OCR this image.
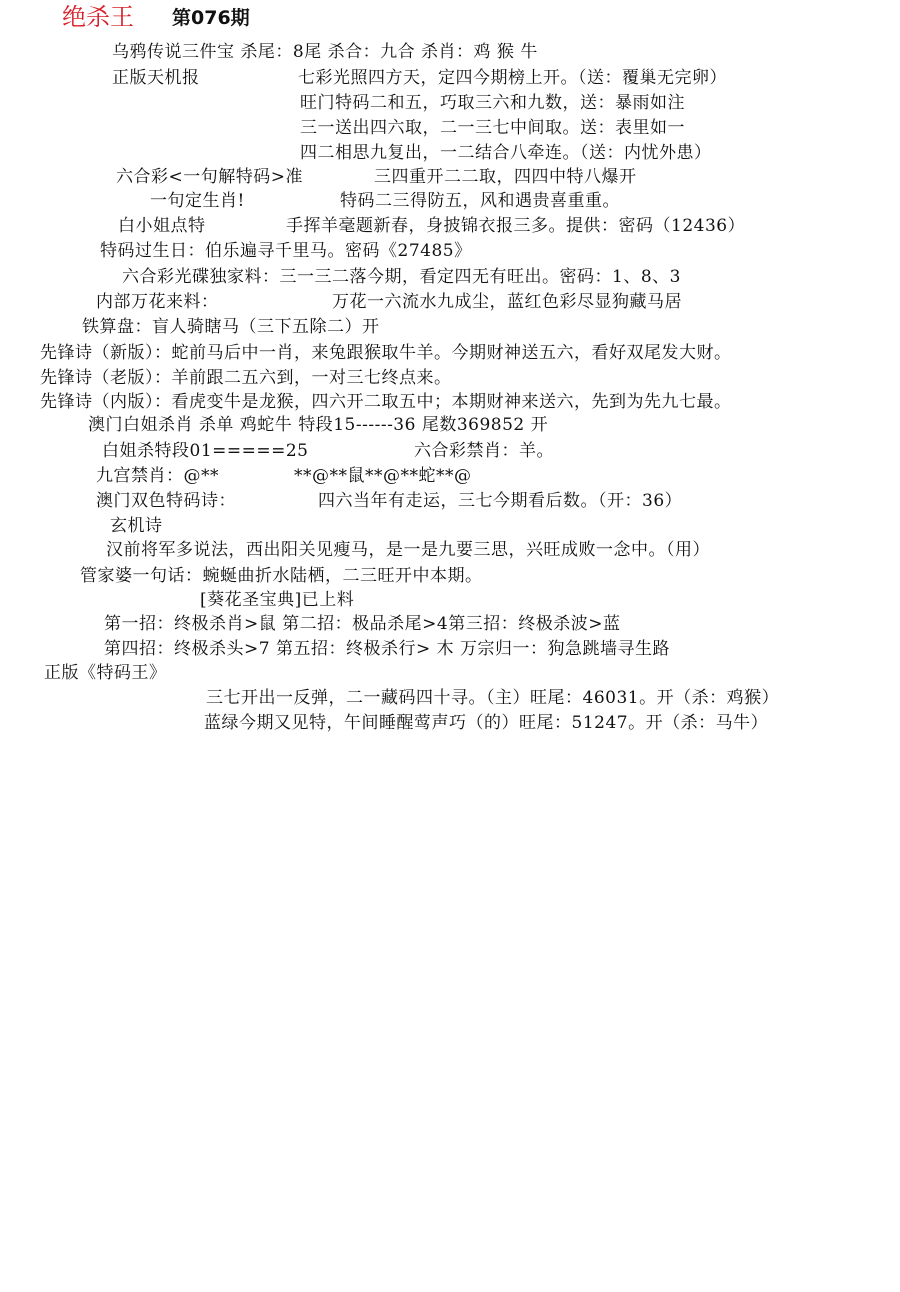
绝杀王 第076期
乌鸦传说三件宝 杀尾：8尾 杀合：九合 杀肖：鸡 猴 牛
正版天机报	七彩光照四方天，定四今期榜上开。（送：覆巢无完卵）
旺门特码二和五，巧取三六和九数，送：暴雨如注
三一送出四六取，二一三七中间取。送：表里如一
四二相思九复出，一二结合八牵连。（送：内忧外患）
六合彩<一句解特码>准	三四重开二二取，四四中特八爆开
一句定生肖!	特码二三得防五，风和遇贵喜重重。
白小姐点特	手挥羊毫题新春，身披锦衣报三多。提供：密码（12436）
特码过生日：伯乐遍寻千里马。密码《27485》
六合彩光碟独家料：三一三二落今期，看定四无有旺出。密码：1、8、3
内部万花来料：	万花一六流水九成尘，蓝红色彩尽显狗藏马居
铁算盘：盲人骑瞎马（三下五除二）开
先锋诗（新版）：蛇前马后中一肖，来兔跟猴取牛羊。今期财神送五六，看好双尾发大财。
先锋诗（老版）：羊前跟二五六到，一对三七终点来。
先锋诗（内版）：看虎变牛是龙猴，四六开二取五中；本期财神来送六，先到为先九七最。
澳门白姐杀肖 杀单 鸡蛇牛 特段15------36 尾数369852 开
白姐杀特段01=====25	六合彩禁肖：羊。
九宫禁肖：@**	**@**鼠**@**蛇**@
澳门双色特码诗：	四六当年有走运，三七今期看后数。（开：36）
玄机诗
汉前将军多说法，西出阳关见瘦马，是一是九要三思，兴旺成败一念中。（用）
管家婆一句话：蜿蜒曲折水陆栖，二三旺开中本期。
[葵花圣宝典]已上料
第一招：终极杀肖>鼠 第二招：极品杀尾>4第三招：终极杀波>蓝
第四招：终极杀头>7 第五招：终极杀行> 木 万宗归一：狗急跳墙寻生路
正版《特码王》
三七开出一反弹，二一藏码四十寻。（主）旺尾：46031。开（杀：鸡猴）
蓝绿今期又见特，午间睡醒莺声巧（的）旺尾：51247。开（杀：马牛）
